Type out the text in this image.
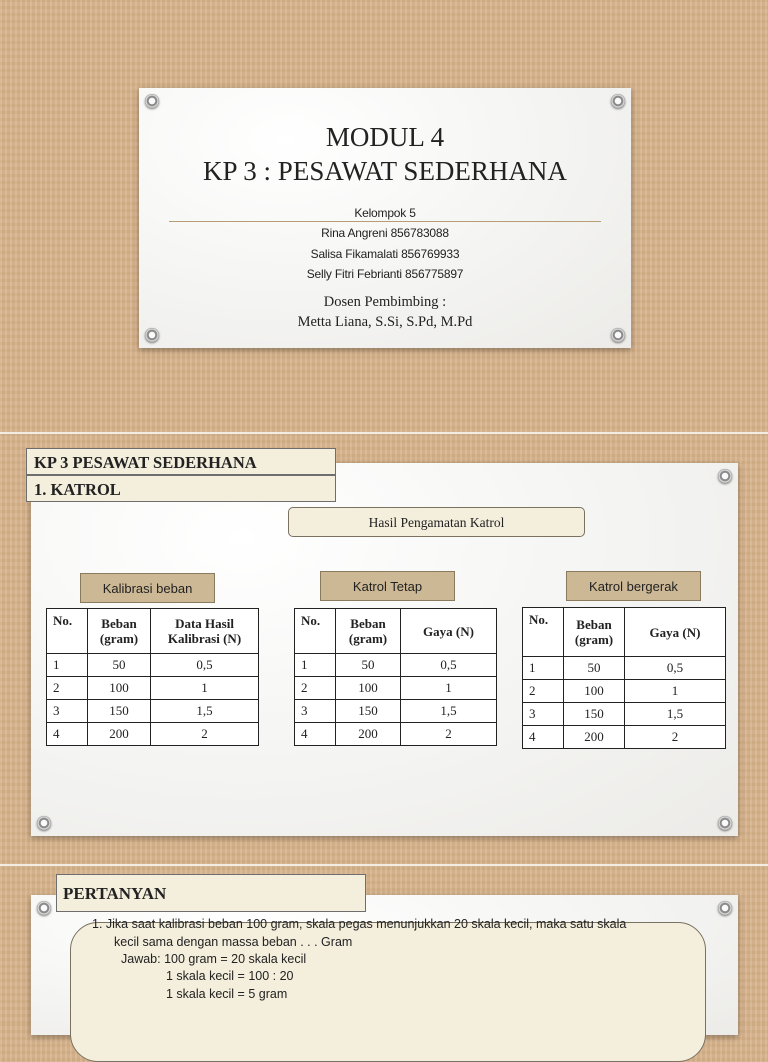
MODUL 4
KP 3 : PESAWAT SEDERHANA
Kelompok 5
Rina Angreni 856783088
Salisa Fikamalati 856769933
Selly Fitri Febrianti 856775897
Dosen Pembimbing :
Metta Liana, S.Si, S.Pd, M.Pd
KP 3 PESAWAT SEDERHANA
1. KATROL
Hasil Pengamatan Katrol
Kalibrasi beban	Katrol Tetap	Katrol bergerak
No.	Beban (gram)	Data Hasil Kalibrasi (N)
1	50	0,5
2	100	1
3	150	1,5
4	200	2
No.	Beban (gram)	Gaya (N)
1	50	0,5
2	100	1
3	150	1,5
4	200	2
No.	Beban (gram)	Gaya (N)
1	50	0,5
2	100	1
3	150	1,5
4	200	2
PERTANYAN
1. Jika saat kalibrasi beban 100 gram, skala pegas menunjukkan 20 skala kecil, maka satu skala
kecil sama dengan massa beban . . . Gram
Jawab: 100 gram = 20 skala kecil
1 skala kecil = 100 : 20
1 skala kecil = 5 gram
